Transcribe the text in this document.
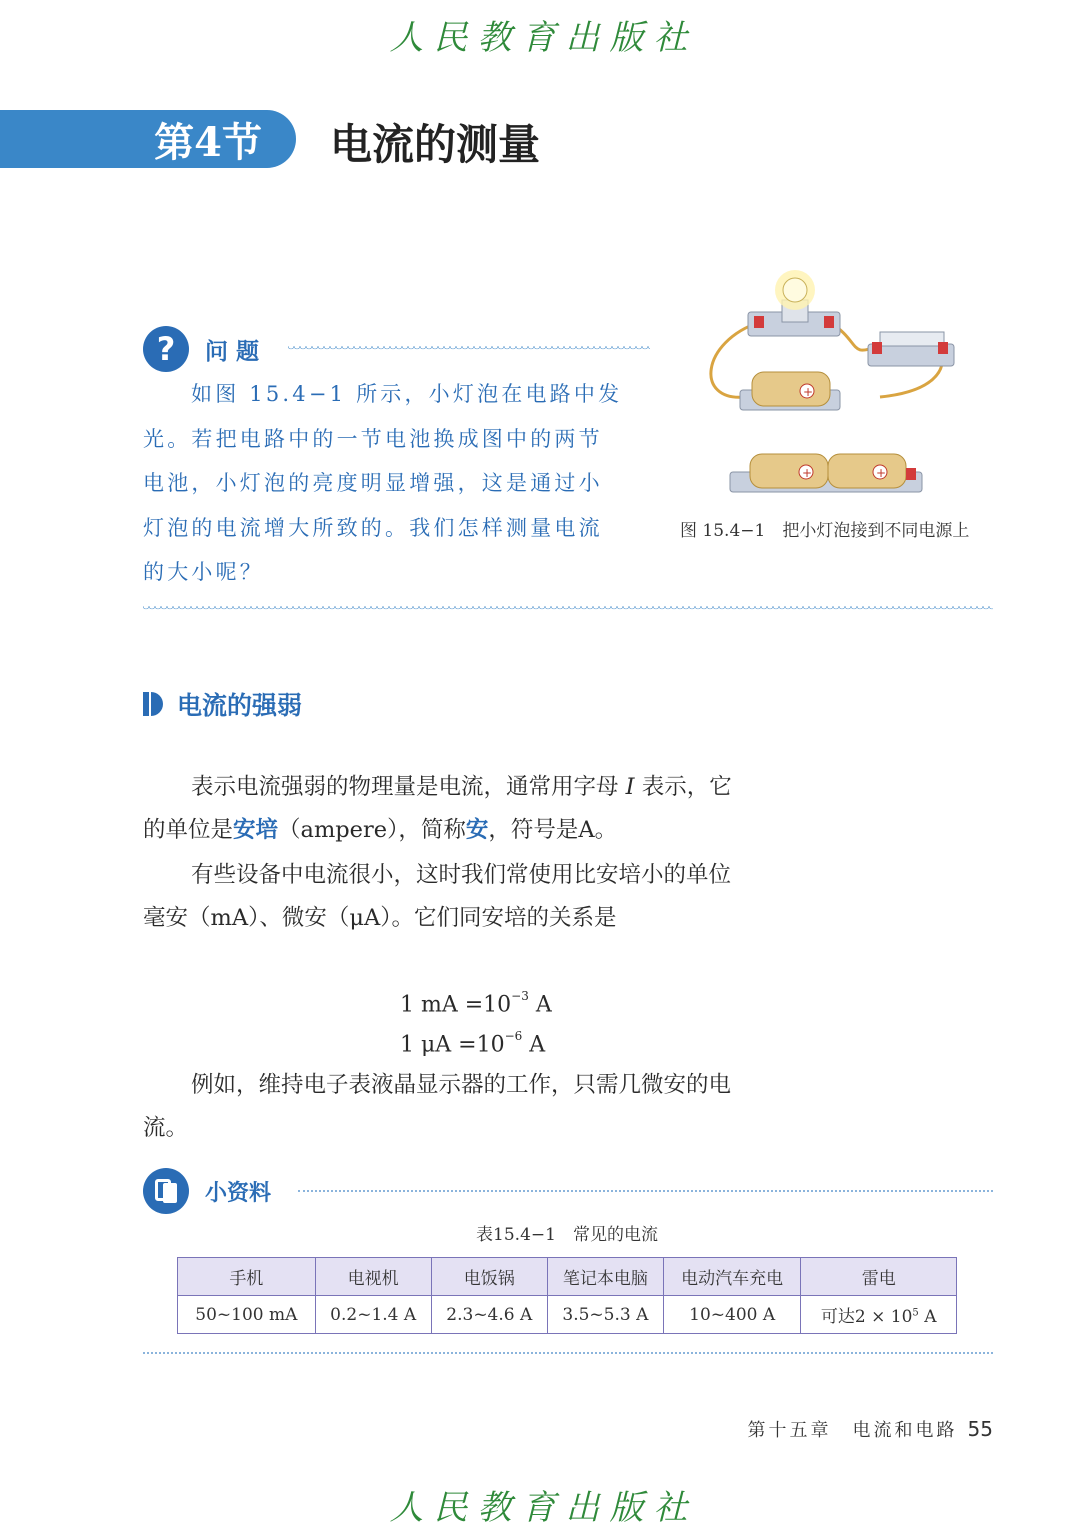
人民教育出版社
第4节	电流的测量
?	问题
如图 15.4−1 所示，小灯泡在电路中发光。若把电路中的一节电池换成图中的两节电池，小灯泡的亮度明显增强，这是通过小灯泡的电流增大所致的。我们怎样测量电流的大小呢？
+
+	+
图 15.4−1　把小灯泡接到不同电源上
电流的强弱
表示电流强弱的物理量是电流，通常用字母 I 表示，它的单位是安培（ampere），简称安，符号是A。
有些设备中电流很小，这时我们常使用比安培小的单位毫安（mA）、微安（μA）。它们同安培的关系是
1 mA $=10^{-3}$ A
1 $\mu A =10^{-6}$ A
例如，维持电子表液晶显示器的工作，只需几微安的电流。
小资料
表15.4−1　常见的电流
手机	电视机	电饭锅	笔记本电脑	电动汽车充电	雷电
50~100 mA	0.2~1.4 A	2.3~4.6 A	3.5~5.3 A	10~400 A	可达$2 \times 10^5$ A
第十五章　电流和电路 55
人民教育出版社
